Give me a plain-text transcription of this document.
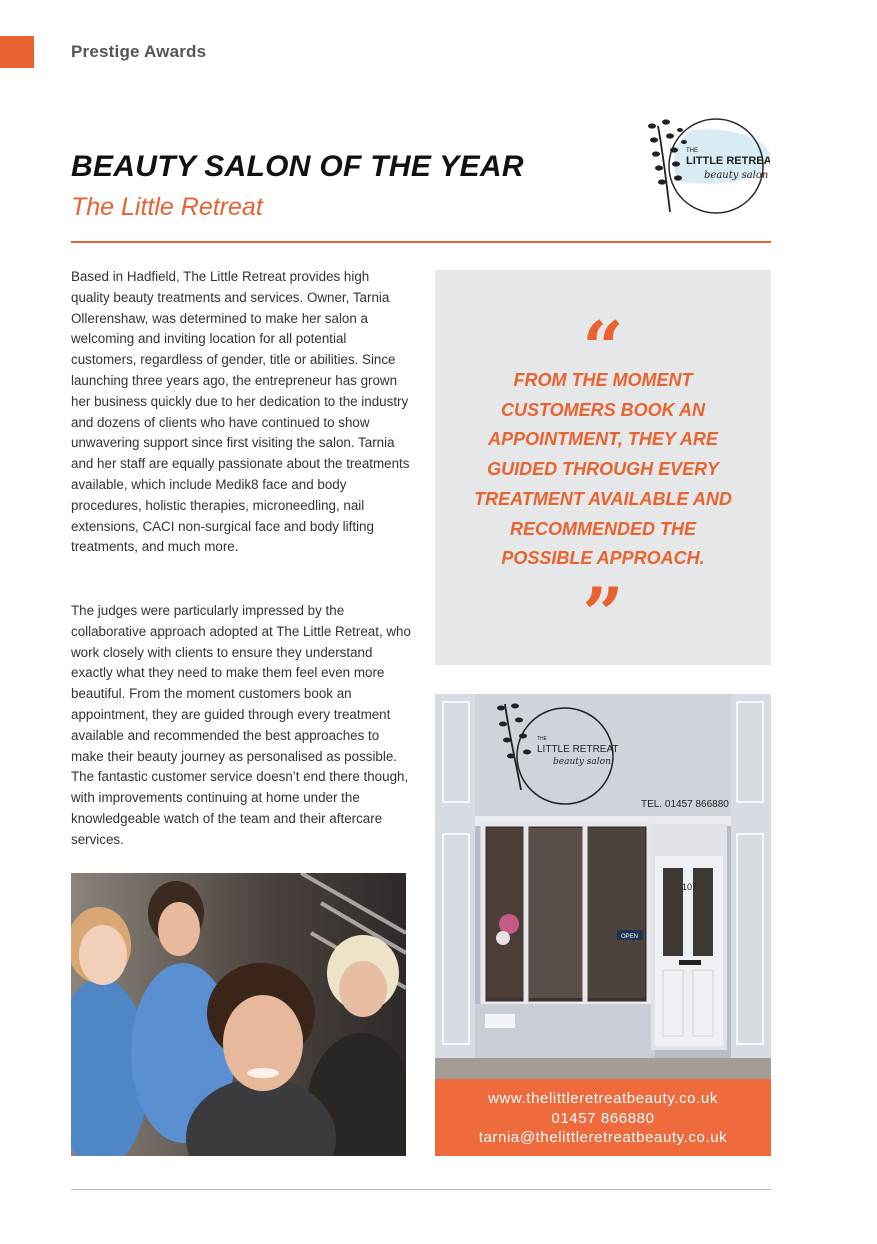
Prestige Awards
BEAUTY SALON OF THE YEAR
The Little Retreat
THE
LITTLE RETREAT
beauty salon

Based in Hadfield, The Little Retreat provides high quality beauty treatments and services. Owner, Tarnia Ollerenshaw, was determined to make her salon a welcoming and inviting location for all potential customers, regardless of gender, title or abilities. Since launching three years ago, the entrepreneur has grown her business quickly due to her dedication to the industry and dozens of clients who have continued to show unwavering support since first visiting the salon. Tarnia and her staff are equally passionate about the treatments available, which include Medik8 face and body procedures, holistic therapies, microneedling, nail extensions, CACI non-surgical face and body lifting treatments, and much more.

The judges were particularly impressed by the collaborative approach adopted at The Little Retreat, who work closely with clients to ensure they understand exactly what they need to make them feel even more beautiful. From the moment customers book an appointment, they are guided through every treatment available and recommended the best approaches to make their beauty journey as personalised as possible. The fantastic customer service doesn’t end there though, with improvements continuing at home under the knowledgeable watch of the team and their aftercare services.

“
FROM THE MOMENT CUSTOMERS BOOK AN APPOINTMENT, THEY ARE GUIDED THROUGH EVERY TREATMENT AVAILABLE AND RECOMMENDED THE POSSIBLE APPROACH.
”
THE
LITTLE RETREAT
beauty salon
TEL. 01457 866880
107
OPEN
www.thelittleretreatbeauty.co.uk
01457 866880
tarnia@thelittleretreatbeauty.co.uk
